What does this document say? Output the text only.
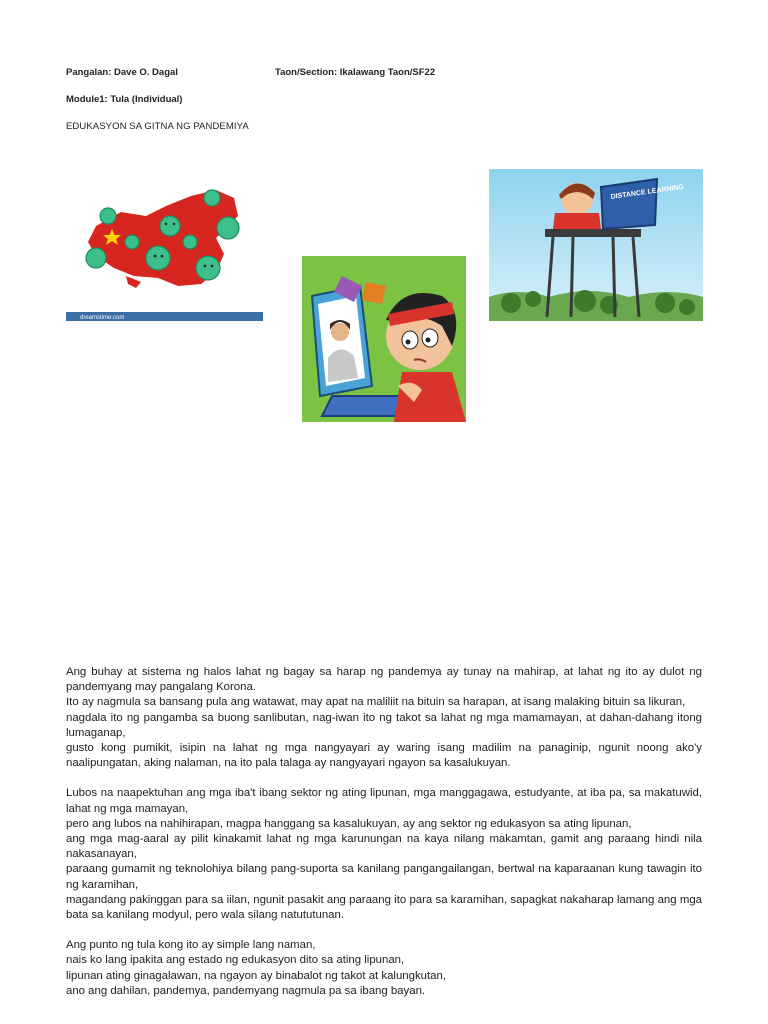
Pangalan: Dave O. Dagal	Taon/Section: Ikalawang Taon/SF22
Module1: Tula (Individual)
EDUKASYON SA GITNA NG PANDEMIYA
dreamstime.com
DISTANCE LEARNING

Ang buhay at sistema ng halos lahat ng bagay sa harap ng pandemya ay tunay na mahirap, at lahat ng ito ay dulot ng pandemyang may pangalang Korona.

Ito ay nagmula sa bansang pula ang watawat, may apat na maliliit na bituin sa harapan, at isang malaking bituin sa likuran,

nagdala ito ng pangamba sa buong sanlibutan, nag-iwan ito ng takot sa lahat ng mga mamamayan, at dahan-dahang itong lumaganap,

gusto kong pumikit, isipin na lahat ng mga nangyayari ay waring isang madilim na panaginip, ngunit noong ako'y naalipungatan, aking nalaman, na ito pala talaga ay nangyayari ngayon sa kasalukuyan.

Lubos na naapektuhan ang mga iba't ibang sektor ng ating lipunan, mga manggagawa, estudyante, at iba pa, sa makatuwid, lahat ng mga mamayan,

pero ang lubos na nahihirapan, magpa hanggang sa kasalukuyan, ay ang sektor ng edukasyon sa ating lipunan,

ang mga mag-aaral ay pilit kinakamit lahat ng mga karunungan na kaya nilang makamtan, gamit ang paraang hindi nila nakasanayan,

paraang gumamit ng teknolohiya bilang pang-suporta sa kanilang pangangailangan, bertwal na kaparaanan kung tawagin ito ng karamihan,

magandang pakinggan para sa iilan, ngunit pasakit ang paraang ito para sa karamihan, sapagkat nakaharap lamang ang mga bata sa kanilang modyul, pero wala silang natututunan.

Ang punto ng tula kong ito ay simple lang naman,

nais ko lang ipakita ang estado ng edukasyon dito sa ating lipunan,

lipunan ating ginagalawan, na ngayon ay binabalot ng takot at kalungkutan,

ano ang dahilan, pandemya, pandemyang nagmula pa sa ibang bayan.
